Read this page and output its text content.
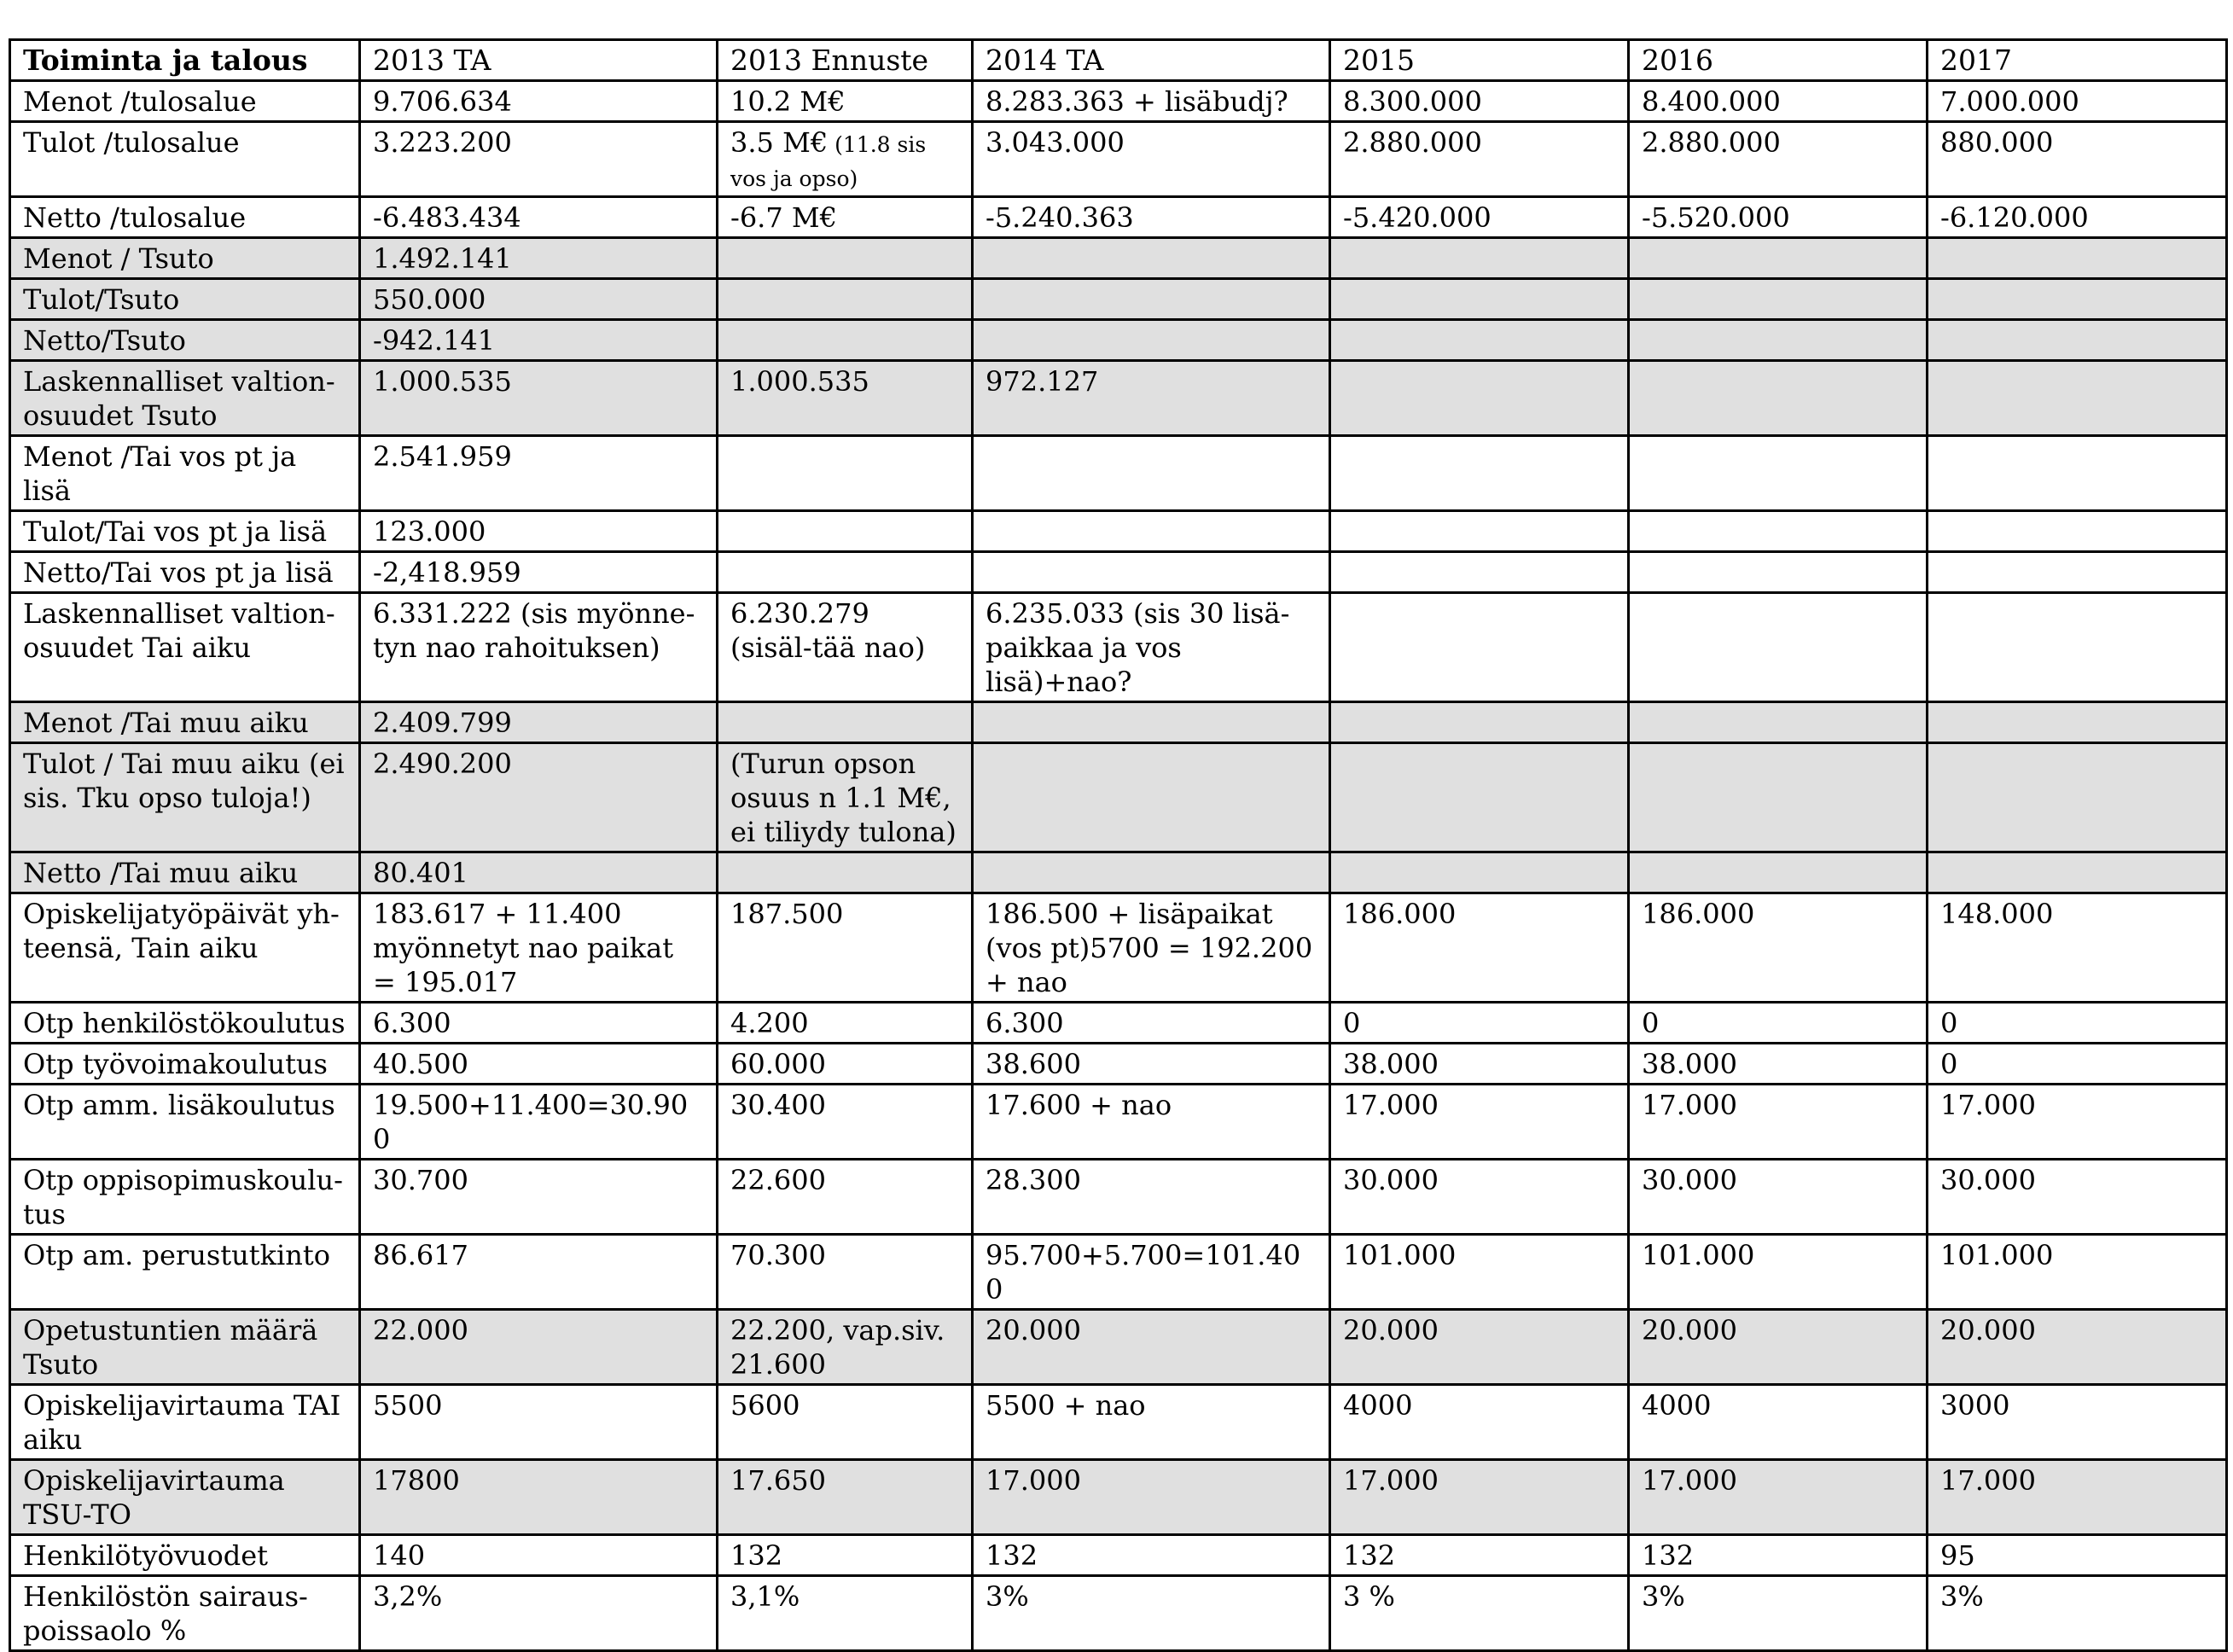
Toiminta ja talous	2013 TA	2013 Ennuste	2014 TA	2015	2016	2017
Menot /tulosalue	9.706.634	10.2 M€	8.283.363 + lisäbudj?	8.300.000	8.400.000	7.000.000
Tulot /tulosalue	3.223.200	3.5 M€ (11.8 sis vos ja opso)	3.043.000	2.880.000	2.880.000	880.000
Netto /tulosalue	-6.483.434	-6.7 M€	-5.240.363	-5.420.000	-5.520.000	-6.120.000
Menot / Tsuto	1.492.141					
Tulot/Tsuto	550.000					
Netto/Tsuto	-942.141					
Laskennalliset valtion-osuudet Tsuto	1.000.535	1.000.535	972.127			
Menot /Tai vos pt ja lisä	2.541.959					
Tulot/Tai vos pt ja lisä	123.000					
Netto/Tai vos pt ja lisä	-2,418.959					
Laskennalliset valtion-osuudet Tai aiku	6.331.222 (sis myönne-tyn nao rahoituksen)	6.230.279 (sisäl-tää nao)	6.235.033 (sis 30 lisä-paikkaa ja vos lisä)+nao?			
Menot /Tai muu aiku	2.409.799					
Tulot / Tai muu aiku (ei sis. Tku opso tuloja!)	2.490.200	(Turun opson osuus n 1.1 M€, ei tiliydy tulona)				
Netto /Tai muu aiku	80.401					
Opiskelijatyöpäivät yh-teensä, Tain aiku	183.617 + 11.400 myönnetyt nao paikat = 195.017	187.500	186.500 + lisäpaikat (vos pt)5700 = 192.200 + nao	186.000	186.000	148.000
Otp henkilöstökoulutus	6.300	4.200	6.300	0	0	0
Otp työvoimakoulutus	40.500	60.000	38.600	38.000	38.000	0
Otp amm. lisäkoulutus	19.500+11.400=30.900	30.400	17.600 + nao	17.000	17.000	17.000
Otp oppisopimuskoulu-tus	30.700	22.600	28.300	30.000	30.000	30.000
Otp am. perustutkinto	86.617	70.300	95.700+5.700=101.400	101.000	101.000	101.000
Opetustuntien määrä Tsuto	22.000	22.200, vap.siv. 21.600	20.000	20.000	20.000	20.000
Opiskelijavirtauma TAI aiku	5500	5600	5500 + nao	4000	4000	3000
Opiskelijavirtauma TSU-TO	17800	17.650	17.000	17.000	17.000	17.000
Henkilötyövuodet	140	132	132	132	132	95
Henkilöstön sairaus-poissaolo %	3,2%	3,1%	3%	3 %	3%	3%
